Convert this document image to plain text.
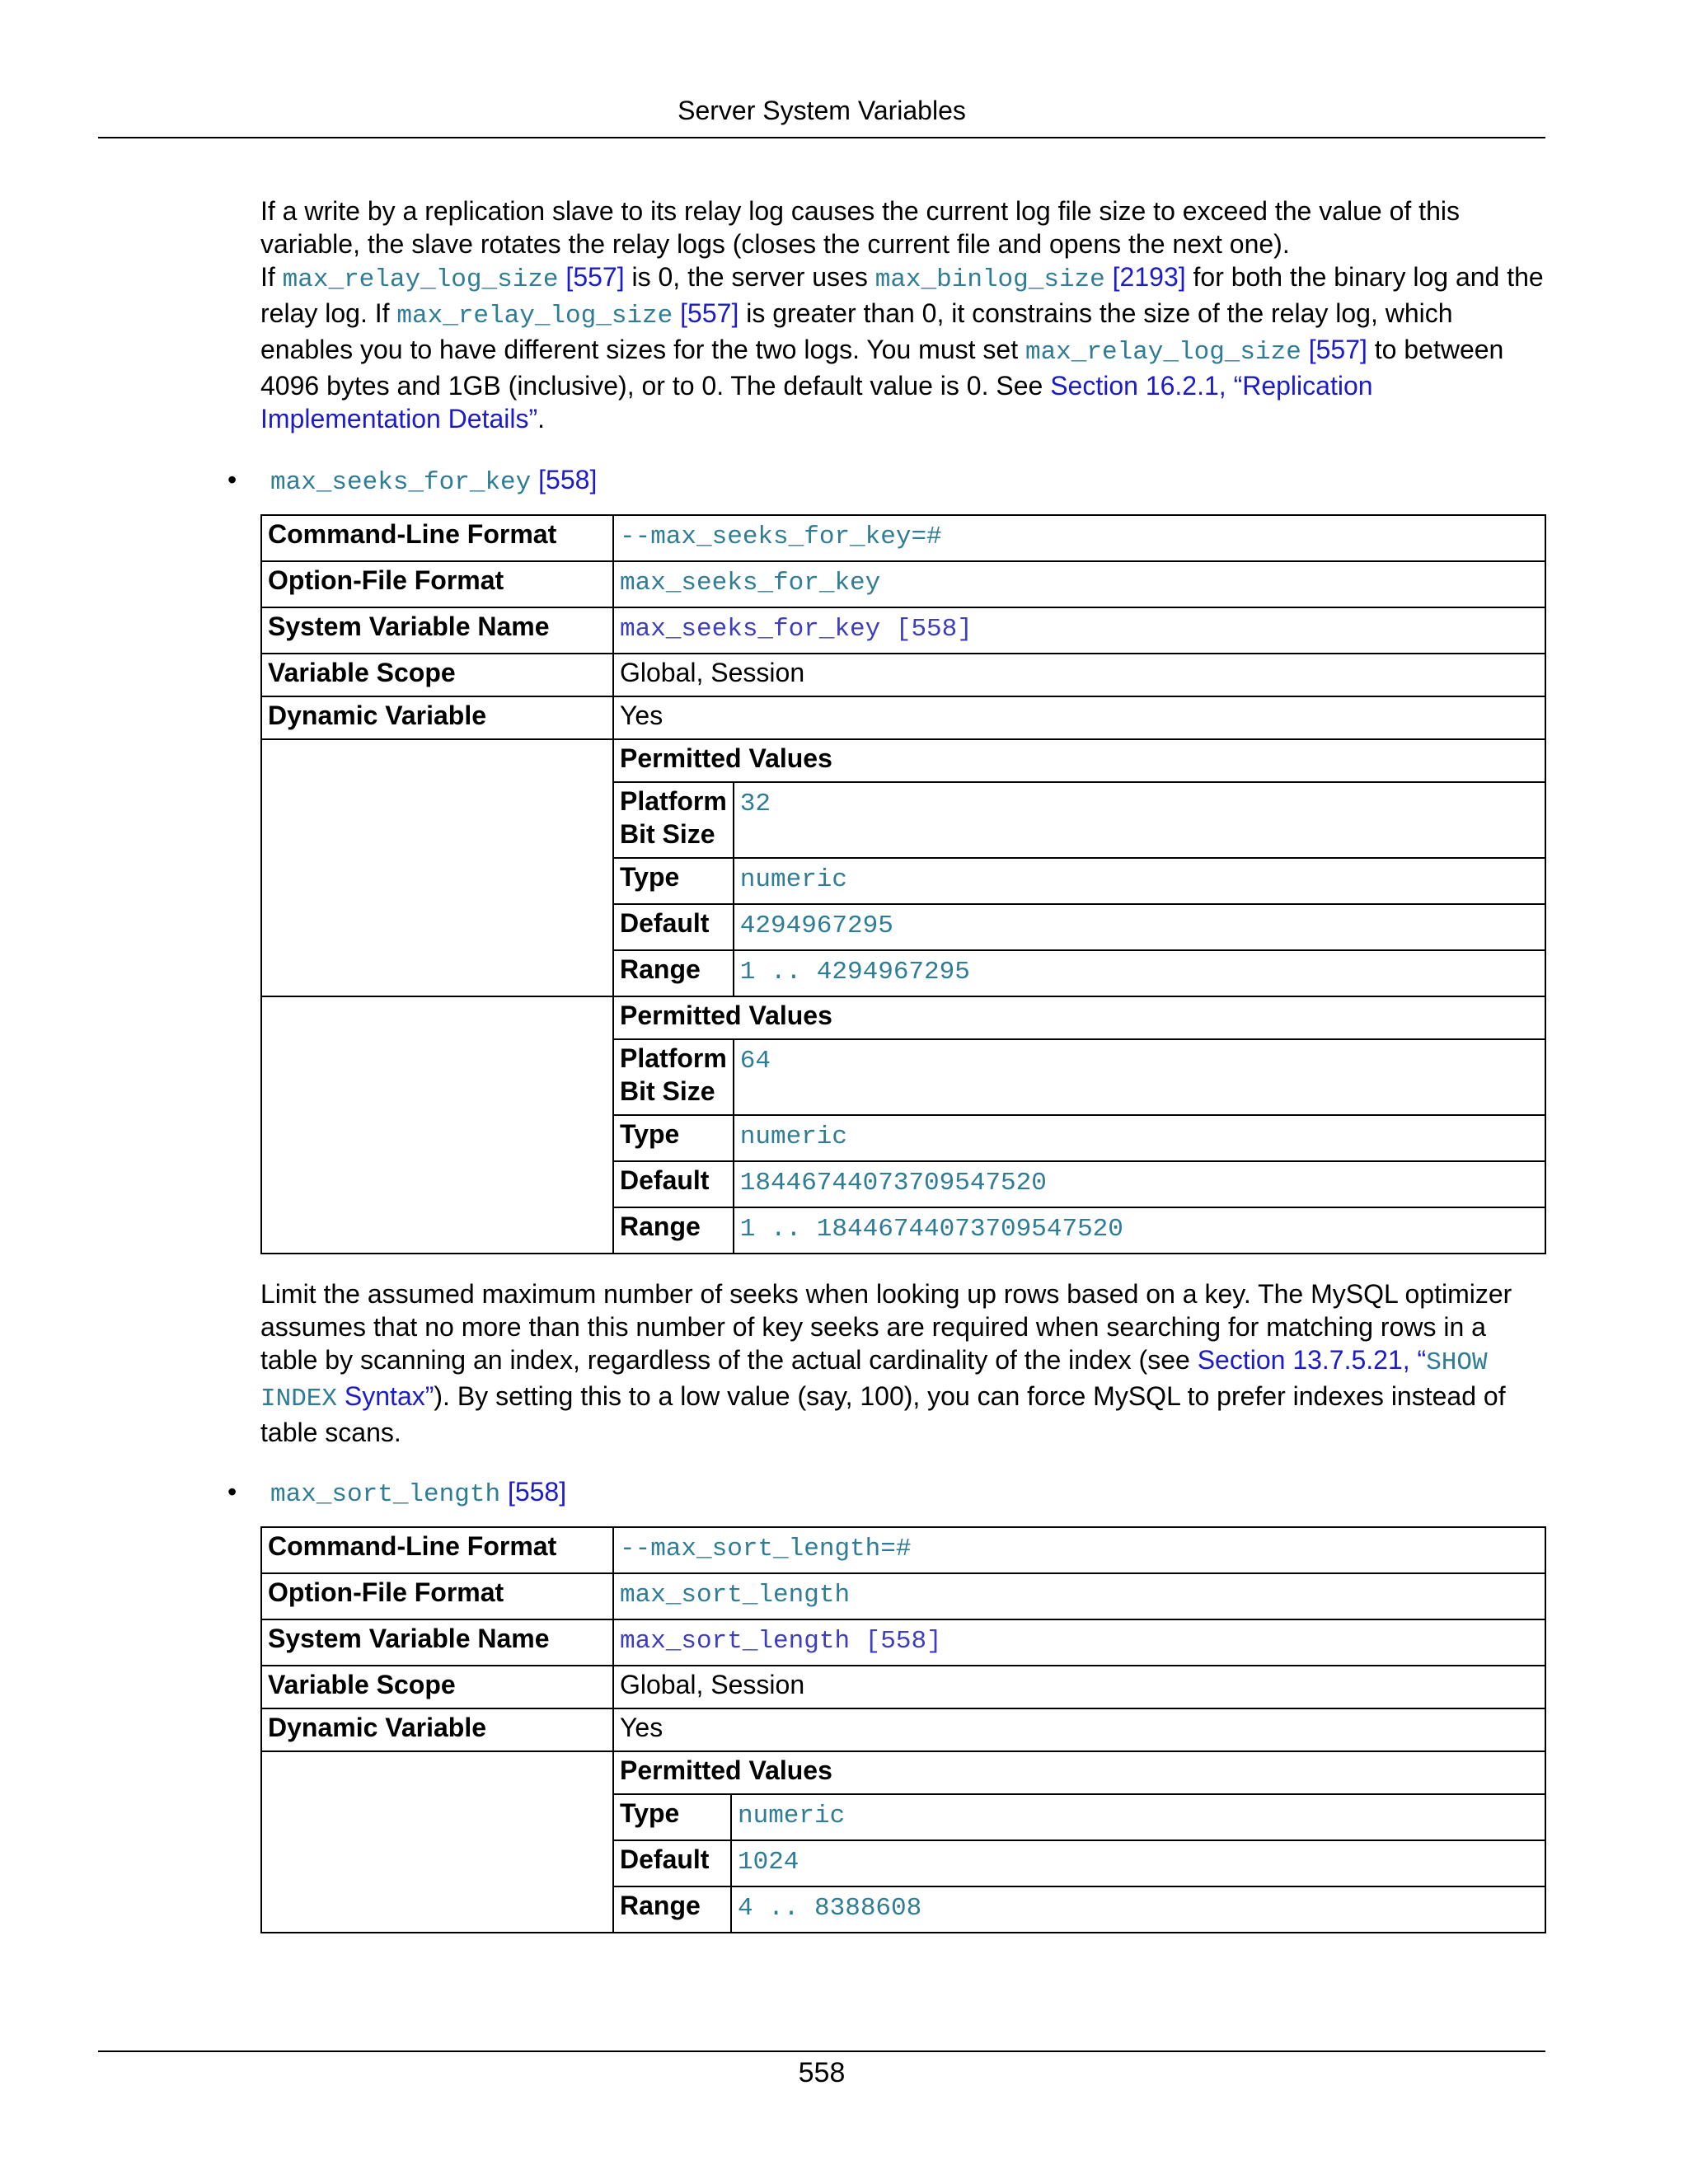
Server System Variables

If a write by a replication slave to its relay log causes the current log file size to exceed the value of this variable, the slave rotates the relay logs (closes the current file and opens the next one).
If max_relay_log_size [557] is 0, the server uses max_binlog_size [2193] for both the binary log and the relay log. If max_relay_log_size [557] is greater than 0, it constrains the size of the relay log, which enables you to have different sizes for the two logs. You must set max_relay_log_size [557] to between 4096 bytes and 1GB (inclusive), or to 0. The default value is 0. See Section 16.2.1, “Replication Implementation Details”.

• max_seeks_for_key [558]

Command-Line Format	--max_seeks_for_key=#
Option-File Format	max_seeks_for_key
System Variable Name	max_seeks_for_key [558]
Variable Scope	Global, Session
Dynamic Variable	Yes

Permitted Values
Platform
Bit Size	32
Type	numeric
Default	4294967295
Range	1 .. 4294967295

Permitted Values
Platform
Bit Size	64
Type	numeric
Default	18446744073709547520
Range	1 .. 18446744073709547520

Limit the assumed maximum number of seeks when looking up rows based on a key. The MySQL optimizer assumes that no more than this number of key seeks are required when searching for matching rows in a table by scanning an index, regardless of the actual cardinality of the index (see Section 13.7.5.21, “SHOW INDEX Syntax”). By setting this to a low value (say, 100), you can force MySQL to prefer indexes instead of table scans.

• max_sort_length [558]

Command-Line Format	--max_sort_length=#
Option-File Format	max_sort_length
System Variable Name	max_sort_length [558]
Variable Scope	Global, Session
Dynamic Variable	Yes

Permitted Values
Type	numeric
Default	1024
Range	4 .. 8388608
558
